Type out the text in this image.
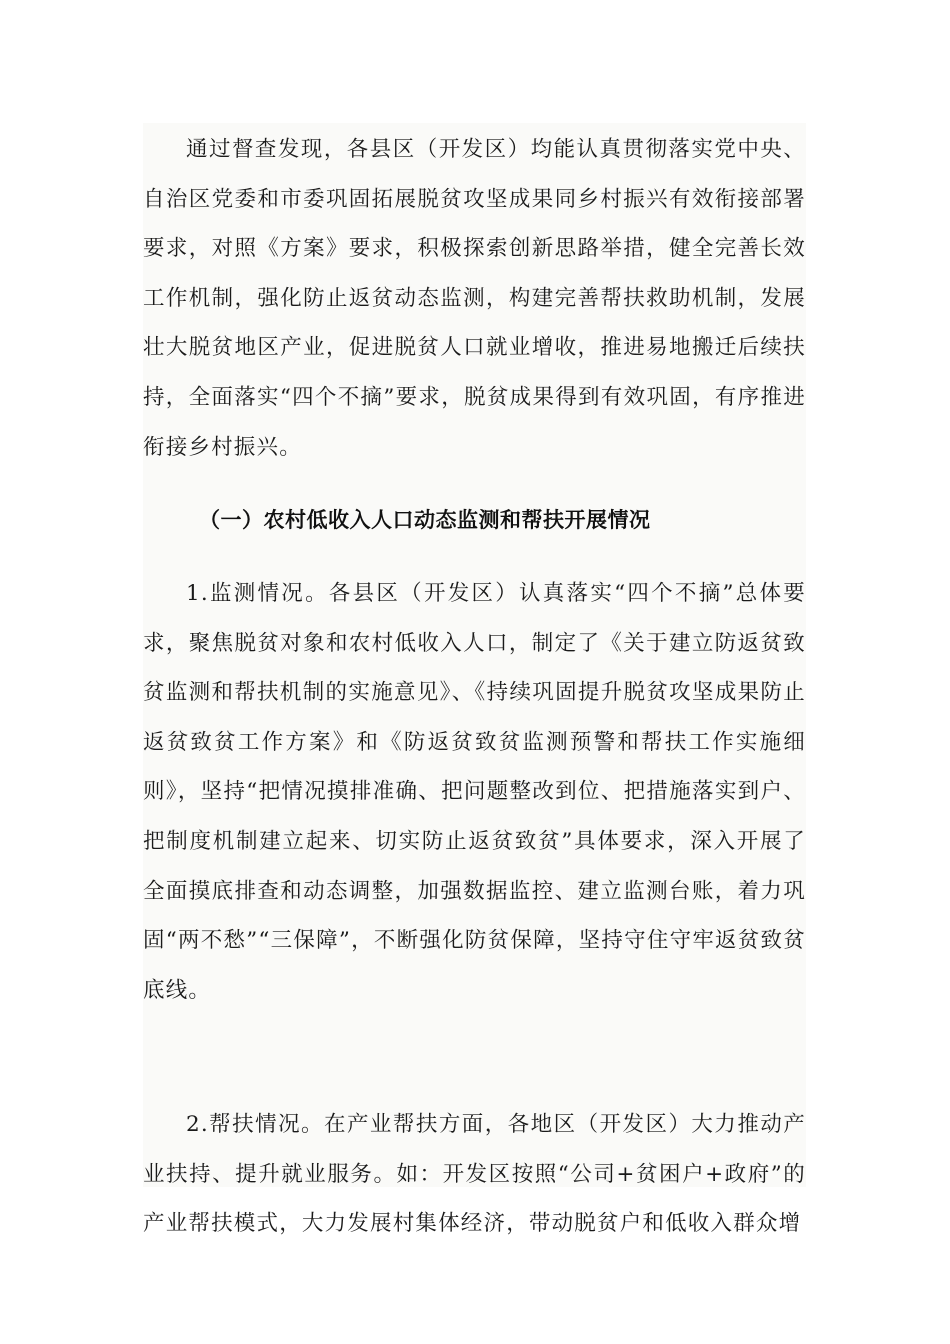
通过督查发现，各县区（开发区）均能认真贯彻落实党中央、自治区党委和市委巩固拓展脱贫攻坚成果同乡村振兴有效衔接部署要求，对照《方案》要求，积极探索创新思路举措，健全完善长效工作机制，强化防止返贫动态监测，构建完善帮扶救助机制，发展壮大脱贫地区产业，促进脱贫人口就业增收，推进易地搬迁后续扶持，全面落实“四个不摘”要求，脱贫成果得到有效巩固，有序推进衔接乡村振兴。

（一）农村低收入人口动态监测和帮扶开展情况

1.监测情况。各县区（开发区）认真落实“四个不摘”总体要求，聚焦脱贫对象和农村低收入人口，制定了《关于建立防返贫致贫监测和帮扶机制的实施意见》、《持续巩固提升脱贫攻坚成果防止返贫致贫工作方案》和《防返贫致贫监测预警和帮扶工作实施细则》，坚持“把情况摸排准确、把问题整改到位、把措施落实到户、把制度机制建立起来、切实防止返贫致贫”具体要求，深入开展了全面摸底排查和动态调整，加强数据监控、建立监测台账，着力巩固“两不愁”“三保障”，不断强化防贫保障，坚持守住守牢返贫致贫底线。

2.帮扶情况。在产业帮扶方面，各地区（开发区）大力推动产业扶持、提升就业服务。如：开发区按照“公司+贫困户+政府”的产业帮扶模式，大力发展村集体经济，带动脱贫户和低收入群众增
